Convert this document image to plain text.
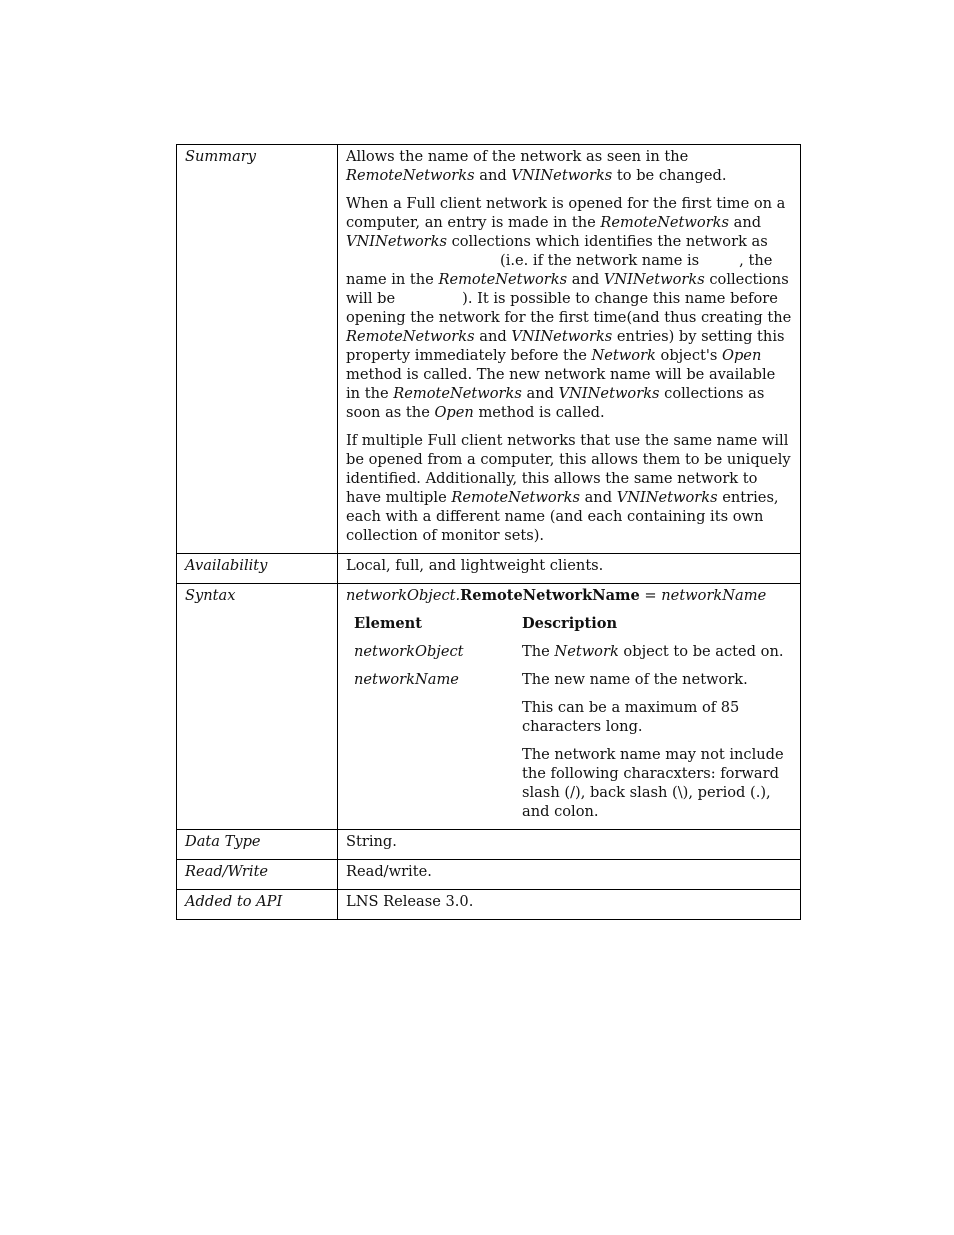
Summary	Allows the name of the network as seen in the RemoteNetworks and VNINetworks to be changed.

When a Full client network is opened for the first time on a computer, an entry is made in the RemoteNetworks and VNINetworks collections which identifies the network as
(i.e. if the network name is	, the name in the RemoteNetworks and VNINetworks collections will be	). It is possible to change this name before opening the network for the first time(and thus creating the RemoteNetworks and VNINetworks entries) by setting this property immediately before the Network object's Open method is called. The new network name will be available in the RemoteNetworks and VNINetworks collections as soon as the Open method is called.

If multiple Full client networks that use the same name will be opened from a computer, this allows them to be uniquely identified. Additionally, this allows the same network to have multiple RemoteNetworks and VNINetworks entries, each with a different name (and each containing its own collection of monitor sets).

Availability	Local, full, and lightweight clients.
Syntax	networkObject.RemoteNetworkName = networkName

Element	Description
networkObject	The Network object to be acted on.
networkName	The new name of the network.
	This can be a maximum of 85 characters long.
	The network name may not include the following characxters: forward slash (/), back slash (\), period (.), and colon.

Data Type	String.
Read/Write	Read/write.
Added to API	LNS Release 3.0.
